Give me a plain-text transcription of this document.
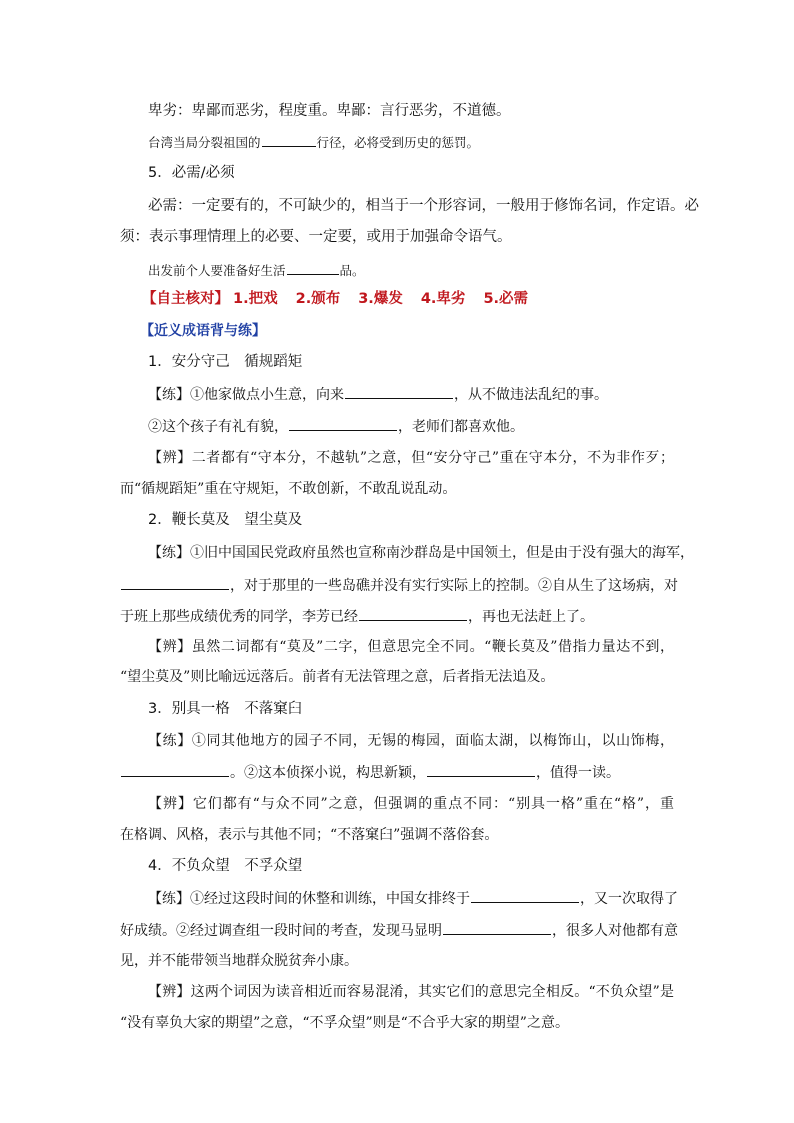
卑劣：卑鄙而恶劣，程度重。卑鄙：言行恶劣，不道德。
台湾当局分裂祖国的	行径，必将受到历史的惩罚。
5．必需/必须
必需：一定要有的，不可缺少的，相当于一个形容词，一般用于修饰名词，作定语。必
须：表示事理情理上的必要、一定要，或用于加强命令语气。
出发前个人要准备好生活	品。
【自主核对】 1.把戏 2.颁布 3.爆发 4.卑劣 5.必需
【近义成语背与练】
1．安分守己　循规蹈矩
【练】①他家做点小生意，向来	，从不做违法乱纪的事。
②这个孩子有礼有貌，	，老师们都喜欢他。
【辨】二者都有“守本分，不越轨”之意，但“安分守己”重在守本分，不为非作歹；
而“循规蹈矩”重在守规矩，不敢创新，不敢乱说乱动。
2．鞭长莫及　望尘莫及
【练】①旧中国国民党政府虽然也宣称南沙群岛是中国领土，但是由于没有强大的海军，
，对于那里的一些岛礁并没有实行实际上的控制。②自从生了这场病，对
于班上那些成绩优秀的同学，李芳已经	，再也无法赶上了。
【辨】虽然二词都有“莫及”二字，但意思完全不同。“鞭长莫及”借指力量达不到，
“望尘莫及”则比喻远远落后。前者有无法管理之意，后者指无法追及。
3．别具一格　不落窠臼
【练】①同其他地方的园子不同，无锡的梅园，面临太湖，以梅饰山，以山饰梅，
。②这本侦探小说，构思新颖，	，值得一读。
【辨】它们都有“与众不同”之意，但强调的重点不同：“别具一格”重在“格”，重
在格调、风格，表示与其他不同；“不落窠臼”强调不落俗套。
4．不负众望　不孚众望
【练】①经过这段时间的休整和训练，中国女排终于	，又一次取得了
好成绩。②经过调查组一段时间的考查，发现马显明	，很多人对他都有意
见，并不能带领当地群众脱贫奔小康。
【辨】这两个词因为读音相近而容易混淆，其实它们的意思完全相反。“不负众望”是
“没有辜负大家的期望”之意，“不孚众望”则是“不合乎大家的期望”之意。
